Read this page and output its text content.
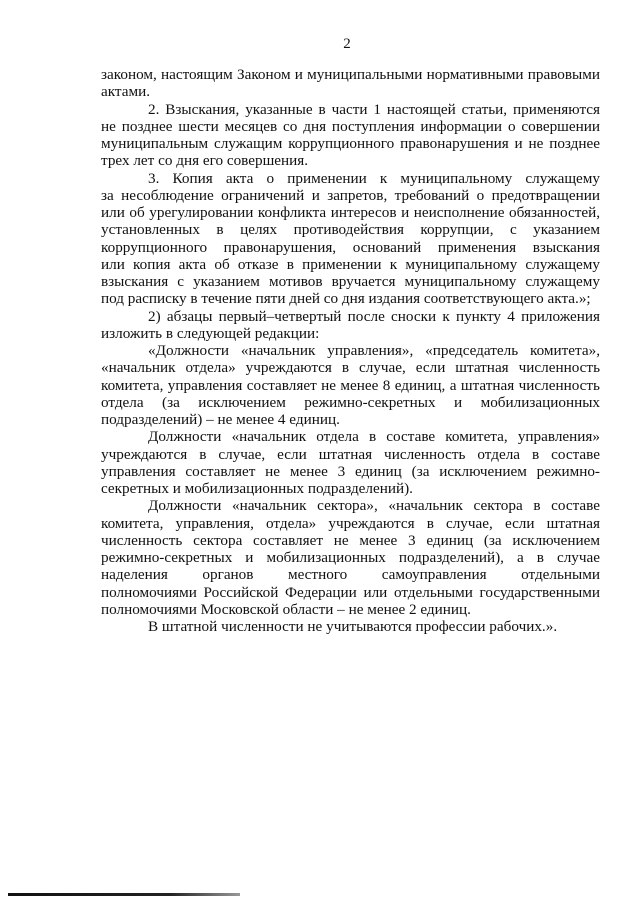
2
законом, настоящим Законом и муниципальными нормативными правовыми
актами.
2. Взыскания, указанные в части 1 настоящей статьи, применяются
не позднее шести месяцев со дня поступления информации о совершении
муниципальным служащим коррупционного правонарушения и не позднее
трех лет со дня его совершения.
3. Копия акта о применении к муниципальному служащему
за несоблюдение ограничений и запретов, требований о предотвращении
или об урегулировании конфликта интересов и неисполнение обязанностей,
установленных в целях противодействия коррупции, с указанием
коррупционного правонарушения, оснований применения взыскания
или копия акта об отказе в применении к муниципальному служащему
взыскания с указанием мотивов вручается муниципальному служащему
под расписку в течение пяти дней со дня издания соответствующего акта.»;
2) абзацы первый–четвертый после сноски к пункту 4 приложения
изложить в следующей редакции:
«Должности «начальник управления», «председатель комитета»,
«начальник отдела» учреждаются в случае, если штатная численность
комитета, управления составляет не менее 8 единиц, а штатная численность
отдела (за исключением режимно-секретных и мобилизационных
подразделений) – не менее 4 единиц.
Должности «начальник отдела в составе комитета, управления»
учреждаются в случае, если штатная численность отдела в составе
управления составляет не менее 3 единиц (за исключением режимно-
секретных и мобилизационных подразделений).
Должности «начальник сектора», «начальник сектора в составе
комитета, управления, отдела» учреждаются в случае, если штатная
численность сектора составляет не менее 3 единиц (за исключением
режимно-секретных и мобилизационных подразделений), а в случае
наделения органов местного самоуправления отдельными
полномочиями Российской Федерации или отдельными государственными
полномочиями Московской области – не менее 2 единиц.
В штатной численности не учитываются профессии рабочих.».
